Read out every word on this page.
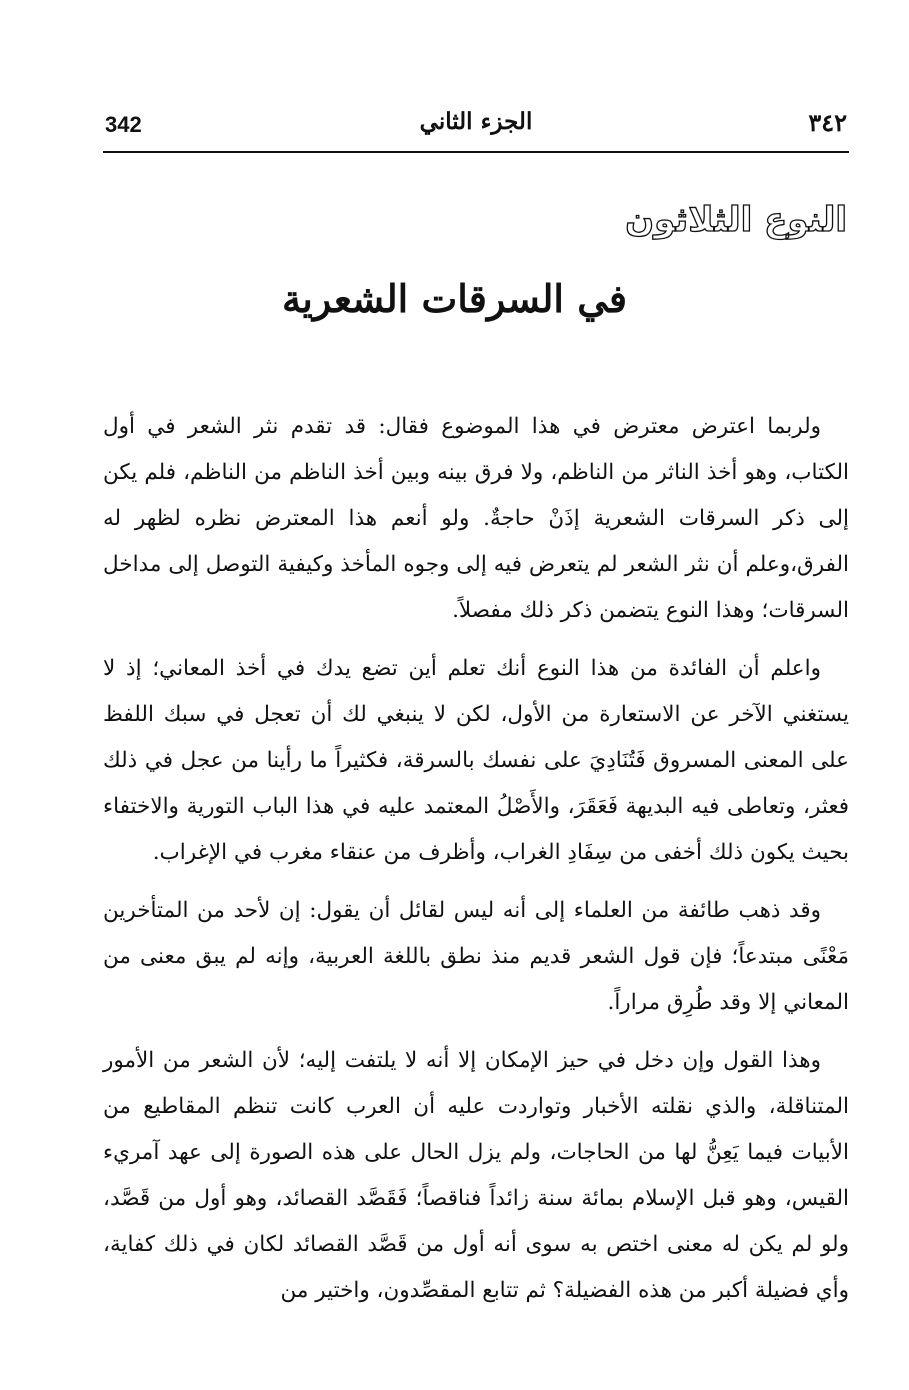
342	الجزء الثاني	٣٤٢
النوع الثلاثون
في السرقات الشعرية

ولربما اعترض معترض في هذا الموضوع فقال: قد تقدم نثر الشعر في أول الكتاب، وهو أخذ الناثر من الناظم، ولا فرق بينه وبين أخذ الناظم من الناظم، فلم يكن إلى ذكر السرقات الشعرية إذَنْ حاجةٌ. ولو أنعم هذا المعترض نظره لظهر له الفرق،وعلم أن نثر الشعر لم يتعرض فيه إلى وجوه المأخذ وكيفية التوصل إلى مداخل السرقات؛ وهذا النوع يتضمن ذكر ذلك مفصلاً.

واعلم أن الفائدة من هذا النوع أنك تعلم أين تضع يدك في أخذ المعاني؛ إذ لا يستغني الآخر عن الاستعارة من الأول، لكن لا ينبغي لك أن تعجل في سبك اللفظ على المعنى المسروق فَتُنَادِيَ على نفسك بالسرقة، فكثيراً ما رأينا من عجل في ذلك فعثر، وتعاطى فيه البديهة فَعَقَرَ، والأَصْلُ المعتمد عليه في هذا الباب التورية والاختفاء بحيث يكون ذلك أخفى من سِفَادِ الغراب، وأظرف من عنقاء مغرب في الإغراب.

وقد ذهب طائفة من العلماء إلى أنه ليس لقائل أن يقول: إن لأحد من المتأخرين مَعْنًى مبتدعاً؛ فإن قول الشعر قديم منذ نطق باللغة العربية، وإنه لم يبق معنى من المعاني إلا وقد طُرِق مراراً.

وهذا القول وإن دخل في حيز الإمكان إلا أنه لا يلتفت إليه؛ لأن الشعر من الأمور المتناقلة، والذي نقلته الأخبار وتواردت عليه أن العرب كانت تنظم المقاطيع من الأبيات فيما يَعِنُّ لها من الحاجات، ولم يزل الحال على هذه الصورة إلى عهد آمريء القيس، وهو قبل الإسلام بمائة سنة زائداً فناقصاً؛ فَقَصَّد القصائد، وهو أول من قَصَّد، ولو لم يكن له معنى اختص به سوى أنه أول من قَصَّد القصائد لكان في ذلك كفاية، وأي فضيلة أكبر من هذه الفضيلة؟ ثم تتابع المقصِّدون، واختير من
